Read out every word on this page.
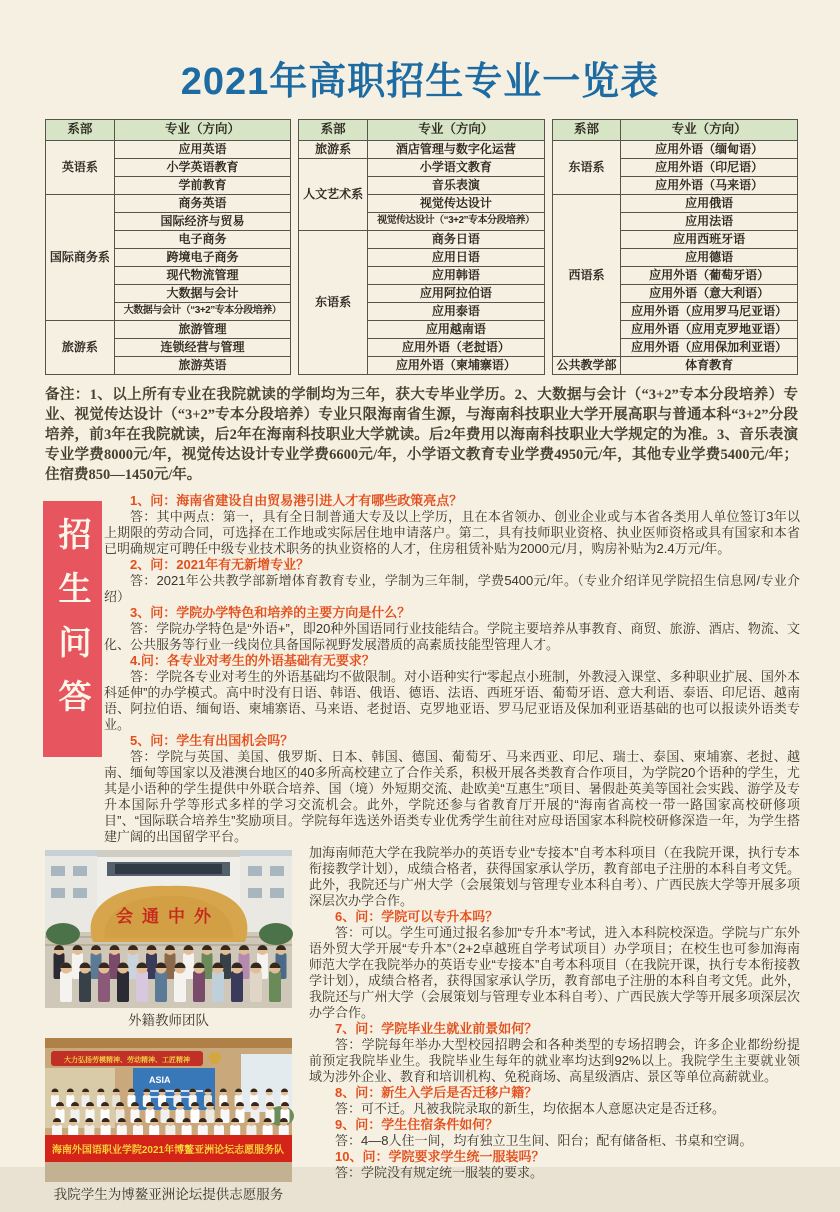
2021年高职招生专业一览表
系部	专业（方向）
英语系	应用英语
	小学英语教育
	学前教育
国际商务系	商务英语
	国际经济与贸易
	电子商务
	跨境电子商务
	现代物流管理
	大数据与会计
	大数据与会计（“3+2”专本分段培养）
旅游系	旅游管理
	连锁经营与管理
	旅游英语
系部	专业（方向）
旅游系	酒店管理与数字化运营
人文艺术系	小学语文教育
	音乐表演
	视觉传达设计
	视觉传达设计（“3+2”专本分段培养）
东语系	商务日语
	应用日语
	应用韩语
	应用阿拉伯语
	应用泰语
	应用越南语
	应用外语（老挝语）
	应用外语（柬埔寨语）
系部	专业（方向）
东语系	应用外语（缅甸语）
	应用外语（印尼语）
	应用外语（马来语）
西语系	应用俄语
	应用法语
	应用西班牙语
	应用德语
	应用外语（葡萄牙语）
	应用外语（意大利语）
	应用外语（应用罗马尼亚语）
	应用外语（应用克罗地亚语）
	应用外语（应用保加利亚语）
公共教学部	体育教育

备注：1、以上所有专业在我院就读的学制均为三年，获大专毕业学历。2、大数据与会计（“3+2”专本分段培养）专业、视觉传达设计（“3+2”专本分段培养）专业只限海南省生源，与海南科技职业大学开展高职与普通本科“3+2”分段培养，前3年在我院就读，后2年在海南科技职业大学就读。后2年费用以海南科技职业大学规定的为准。3、音乐表演专业学费8000元/年，视觉传达设计专业学费6600元/年，小学语文教育专业学费4950元/年，其他专业学费5400元/年；住宿费850—1450元/年。

招生问答

1、问：海南省建设自由贸易港引进人才有哪些政策亮点？

答：其中两点：第一，具有全日制普通大专及以上学历，且在本省领办、创业企业或与本省各类用人单位签订3年以上期限的劳动合同，可选择在工作地或实际居住地申请落户。第二，具有技师职业资格、执业医师资格或具有国家和本省已明确规定可聘任中级专业技术职务的执业资格的人才，住房租赁补贴为2000元/月，购房补贴为2.4万元/年。

2、问：2021年有无新增专业？

答：2021年公共教学部新增体育教育专业，学制为三年制，学费5400元/年。（专业介绍详见学院招生信息网/专业介绍）

3、问：学院办学特色和培养的主要方向是什么？

答：学院办学特色是“外语+”，即20种外国语同行业技能结合。学院主要培养从事教育、商贸、旅游、酒店、物流、文化、公共服务等行业一线岗位具备国际视野发展潜质的高素质技能型管理人才。

4.问：各专业对考生的外语基础有无要求？

答：学院各专业对考生的外语基础均不做限制。对小语种实行“零起点小班制，外教浸入课堂、多种职业扩展、国外本科延伸”的办学模式。高中时没有日语、韩语、俄语、德语、法语、西班牙语、葡萄牙语、意大利语、泰语、印尼语、越南语、阿拉伯语、缅甸语、柬埔寨语、马来语、老挝语、克罗地亚语、罗马尼亚语及保加利亚语基础的也可以报读外语类专业。

5、问：学生有出国机会吗？

答：学院与英国、美国、俄罗斯、日本、韩国、德国、葡萄牙、马来西亚、印尼、瑞士、泰国、柬埔寨、老挝、越南、缅甸等国家以及港澳台地区的40多所高校建立了合作关系，积极开展各类教育合作项目，为学院20个语种的学生，尤其是小语种的学生提供中外联合培养、国（境）外短期交流、赴欧美“互惠生”项目、暑假赴英美等国社会实践、游学及专升本国际升学等形式多样的学习交流机会。此外，学院还参与省教育厅开展的“海南省高校一带一路国家高校研修项目”、“国际联合培养生”奖励项目。学院每年选送外语类专业优秀学生前往对应母语国家本科院校研修深造一年，为学生搭建广阔的出国留学平台。

会通中外
外籍教师团队
大力弘扬劳模精神、劳动精神、工匠精神
ASIA
海南外国语职业学院2021年博鳌亚洲论坛志愿服务队
我院学生为博鳌亚洲论坛提供志愿服务

加海南师范大学在我院举办的英语专业“专接本”自考本科项目（在我院开课，执行专本衔接教学计划），成绩合格者，获得国家承认学历，教育部电子注册的本科自考文凭。此外，我院还与广州大学（会展策划与管理专业本科自考）、广西民族大学等开展多项深层次办学合作。

6、问：学院可以专升本吗？

答：可以。学生可通过报名参加“专升本”考试，进入本科院校深造。学院与广东外语外贸大学开展“专升本”（2+2卓越班自学考试项目）办学项目；在校生也可参加海南师范大学在我院举办的英语专业“专接本”自考本科项目（在我院开课，执行专本衔接教学计划），成绩合格者，获得国家承认学历，教育部电子注册的本科自考文凭。此外，我院还与广州大学（会展策划与管理专业本科自考）、广西民族大学等开展多项深层次办学合作。

7、问：学院毕业生就业前景如何？

答：学院每年举办大型校园招聘会和各种类型的专场招聘会，许多企业都纷纷提前预定我院毕业生。我院毕业生每年的就业率均达到92%以上。我院学生主要就业领域为涉外企业、教育和培训机构、免税商场、高星级酒店、景区等单位高薪就业。

8、问：新生入学后是否迁移户籍？

答：可不迁。凡被我院录取的新生，均依据本人意愿决定是否迁移。

9、问：学生住宿条件如何？

答：4—8人住一间，均有独立卫生间、阳台；配有储备柜、书桌和空调。

10、问：学院要求学生统一服装吗？

答：学院没有规定统一服装的要求。
